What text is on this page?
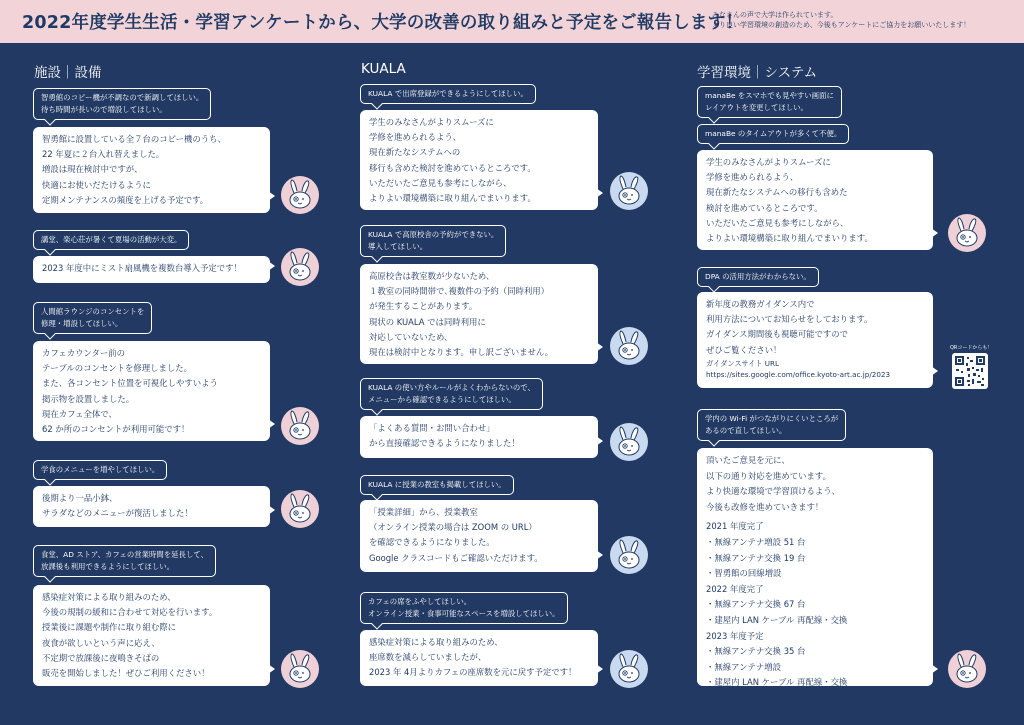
2022年度学生生活・学習アンケートから、大学の改善の取り組みと予定をご報告します！
みなさんの声で大学は作られています。
より良い学習環境の創造のため、今後もアンケートにご協力をお願いいたします！
施設｜設備	KUALA	学習環境｜システム
智勇館のコピー機が不調なので新調してほしい。
待ち時間が長いので増設してほしい。
智勇館に設置している全７台のコピー機のうち、
22 年夏に２台入れ替えました。
増設は現在検討中ですが、
快適にお使いだたけるように
定期メンテナンスの頻度を上げる予定です。
講堂、楽心荘が暑くて夏場の活動が大変。
2023 年度中にミスト扇風機を複数台導入予定です！
人間館ラウンジのコンセントを
修理・増設してほしい。
カフェカウンター前の
テーブルのコンセントを修理しました。
また、各コンセント位置を可視化しやすいよう
掲示物を設置しました。
現在カフェ全体で、
62 か所のコンセントが利用可能です！
学食のメニューを増やしてほしい。
後期より一品小鉢、
サラダなどのメニューが復活しました！
食堂、AD ストア、カフェの営業時間を延長して、
放課後も利用できるようにしてほしい。
感染症対策による取り組みのため、
今後の規制の緩和に合わせて対応を行います。
授業後に課題や制作に取り組む際に
夜食が欲しいという声に応え、
不定期で放課後に夜鳴きそばの
販売を開始しました！ぜひご利用ください！
KUALA で出席登録ができるようにしてほしい。
学生のみなさんがよりスムーズに
学修を進められるよう、
現在新たなシステムへの
移行も含めた検討を進めているところです。
いただいたご意見も参考にしながら、
よりよい環境構築に取り組んでまいります。
KUALA で高原校舎の予約ができない。
導入してほしい。
高原校舎は教室数が少ないため、
１教室の同時間帯で､複数件の予約（同時利用）
が発生することがあります。
現状の KUALA では同時利用に
対応していないため、
現在は検討中となります。申し訳ございません。
KUALA の使い方やルールがよくわからないので、
メニューから確認できるようにしてほしい。
「よくある質問・お問い合わせ」
から直接確認できるようになりました！
KUALA に授業の教室も掲載してほしい。
「授業詳細」から、授業教室
（オンライン授業の場合は ZOOM の URL）
を確認できるようになりました。
Google クラスコードもご確認いただけます。
カフェの席をふやしてほしい。
オンライン授業・食事可能なスペースを増設してほしい。
感染症対策による取り組みのため、
座席数を減らしていましたが、
2023 年 4月よりカフェの座席数を元に戻す予定です！
manaBe をスマホでも見やすい画面に
レイアウトを変更してほしい。
manaBe のタイムアウトが多くて不便。
学生のみなさんがよりスムーズに
学修を進められるよう、
現在新たなシステムへの移行も含めた
検討を進めているところです。
いただいたご意見も参考にしながら、
よりよい環境構築に取り組んでまいります。
DPA の活用方法がわからない。
新年度の教務ガイダンス内で
利用方法についてお知らせをしております。
ガイダンス期間後も視聴可能ですので
ぜひご覧ください！
ガイダンスサイト URL
https://sites.google.com/office.kyoto-art.ac.jp/2023
学内の Wi-Fi がつながりにくいところが
あるので直してほしい。
頂いたご意見を元に、
以下の通り対応を進めています。
より快適な環境で学習頂けるよう、
今後も改修を進めていきます！
2021 年度完了
・無線アンテナ増設 51 台
・無線アンテナ交換 19 台
・智勇館の回線増設
2022 年度完了
・無線アンテナ交換 67 台
・建屋内 LAN ケーブル 再配線・交換
2023 年度予定
・無線アンテナ交換 35 台
・無線アンテナ増設
・建屋内 LAN ケーブル 再配線・交換
QRコードからも！
